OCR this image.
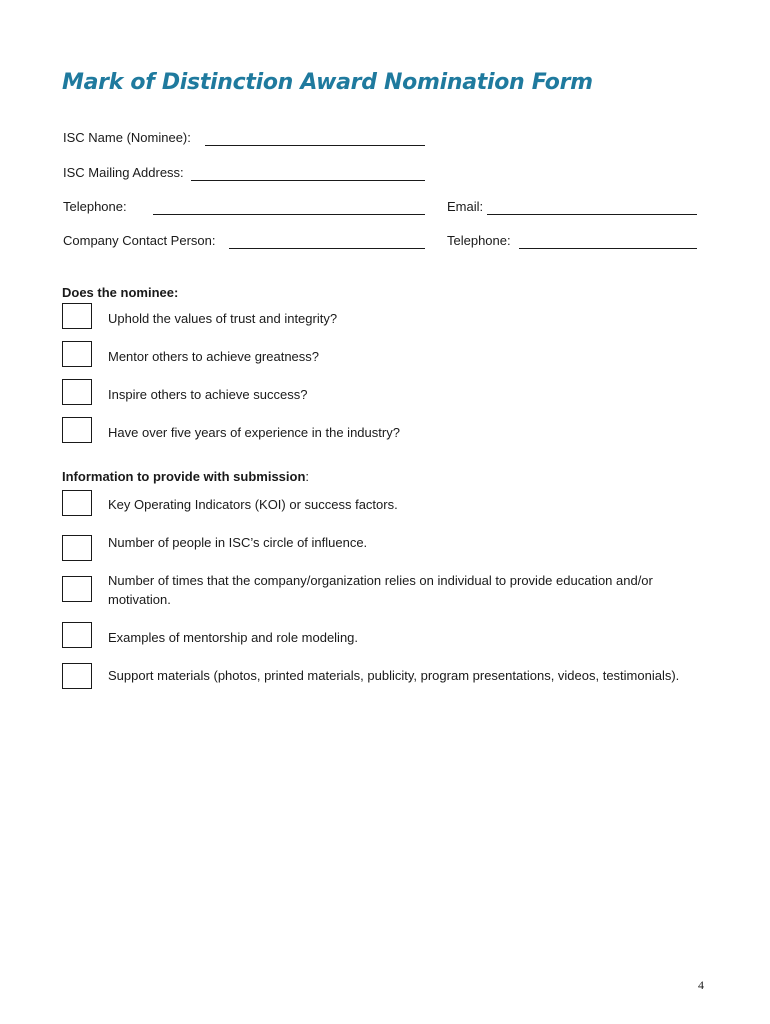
Mark of Distinction Award Nomination Form
ISC Name (Nominee):
ISC Mailing Address:
Telephone:	Email:
Company Contact Person:	Telephone:
Does the nominee:
Uphold the values of trust and integrity?
Mentor others to achieve greatness?
Inspire others to achieve success?
Have over five years of experience in the industry?
Information to provide with submission:
Key Operating Indicators (KOI) or success factors.
Number of people in ISC’s circle of influence.
Number of times that the company/organization relies on individual to provide education and/or motivation.
Examples of mentorship and role modeling.
Support materials (photos, printed materials, publicity, program presentations, videos, testimonials).
4
